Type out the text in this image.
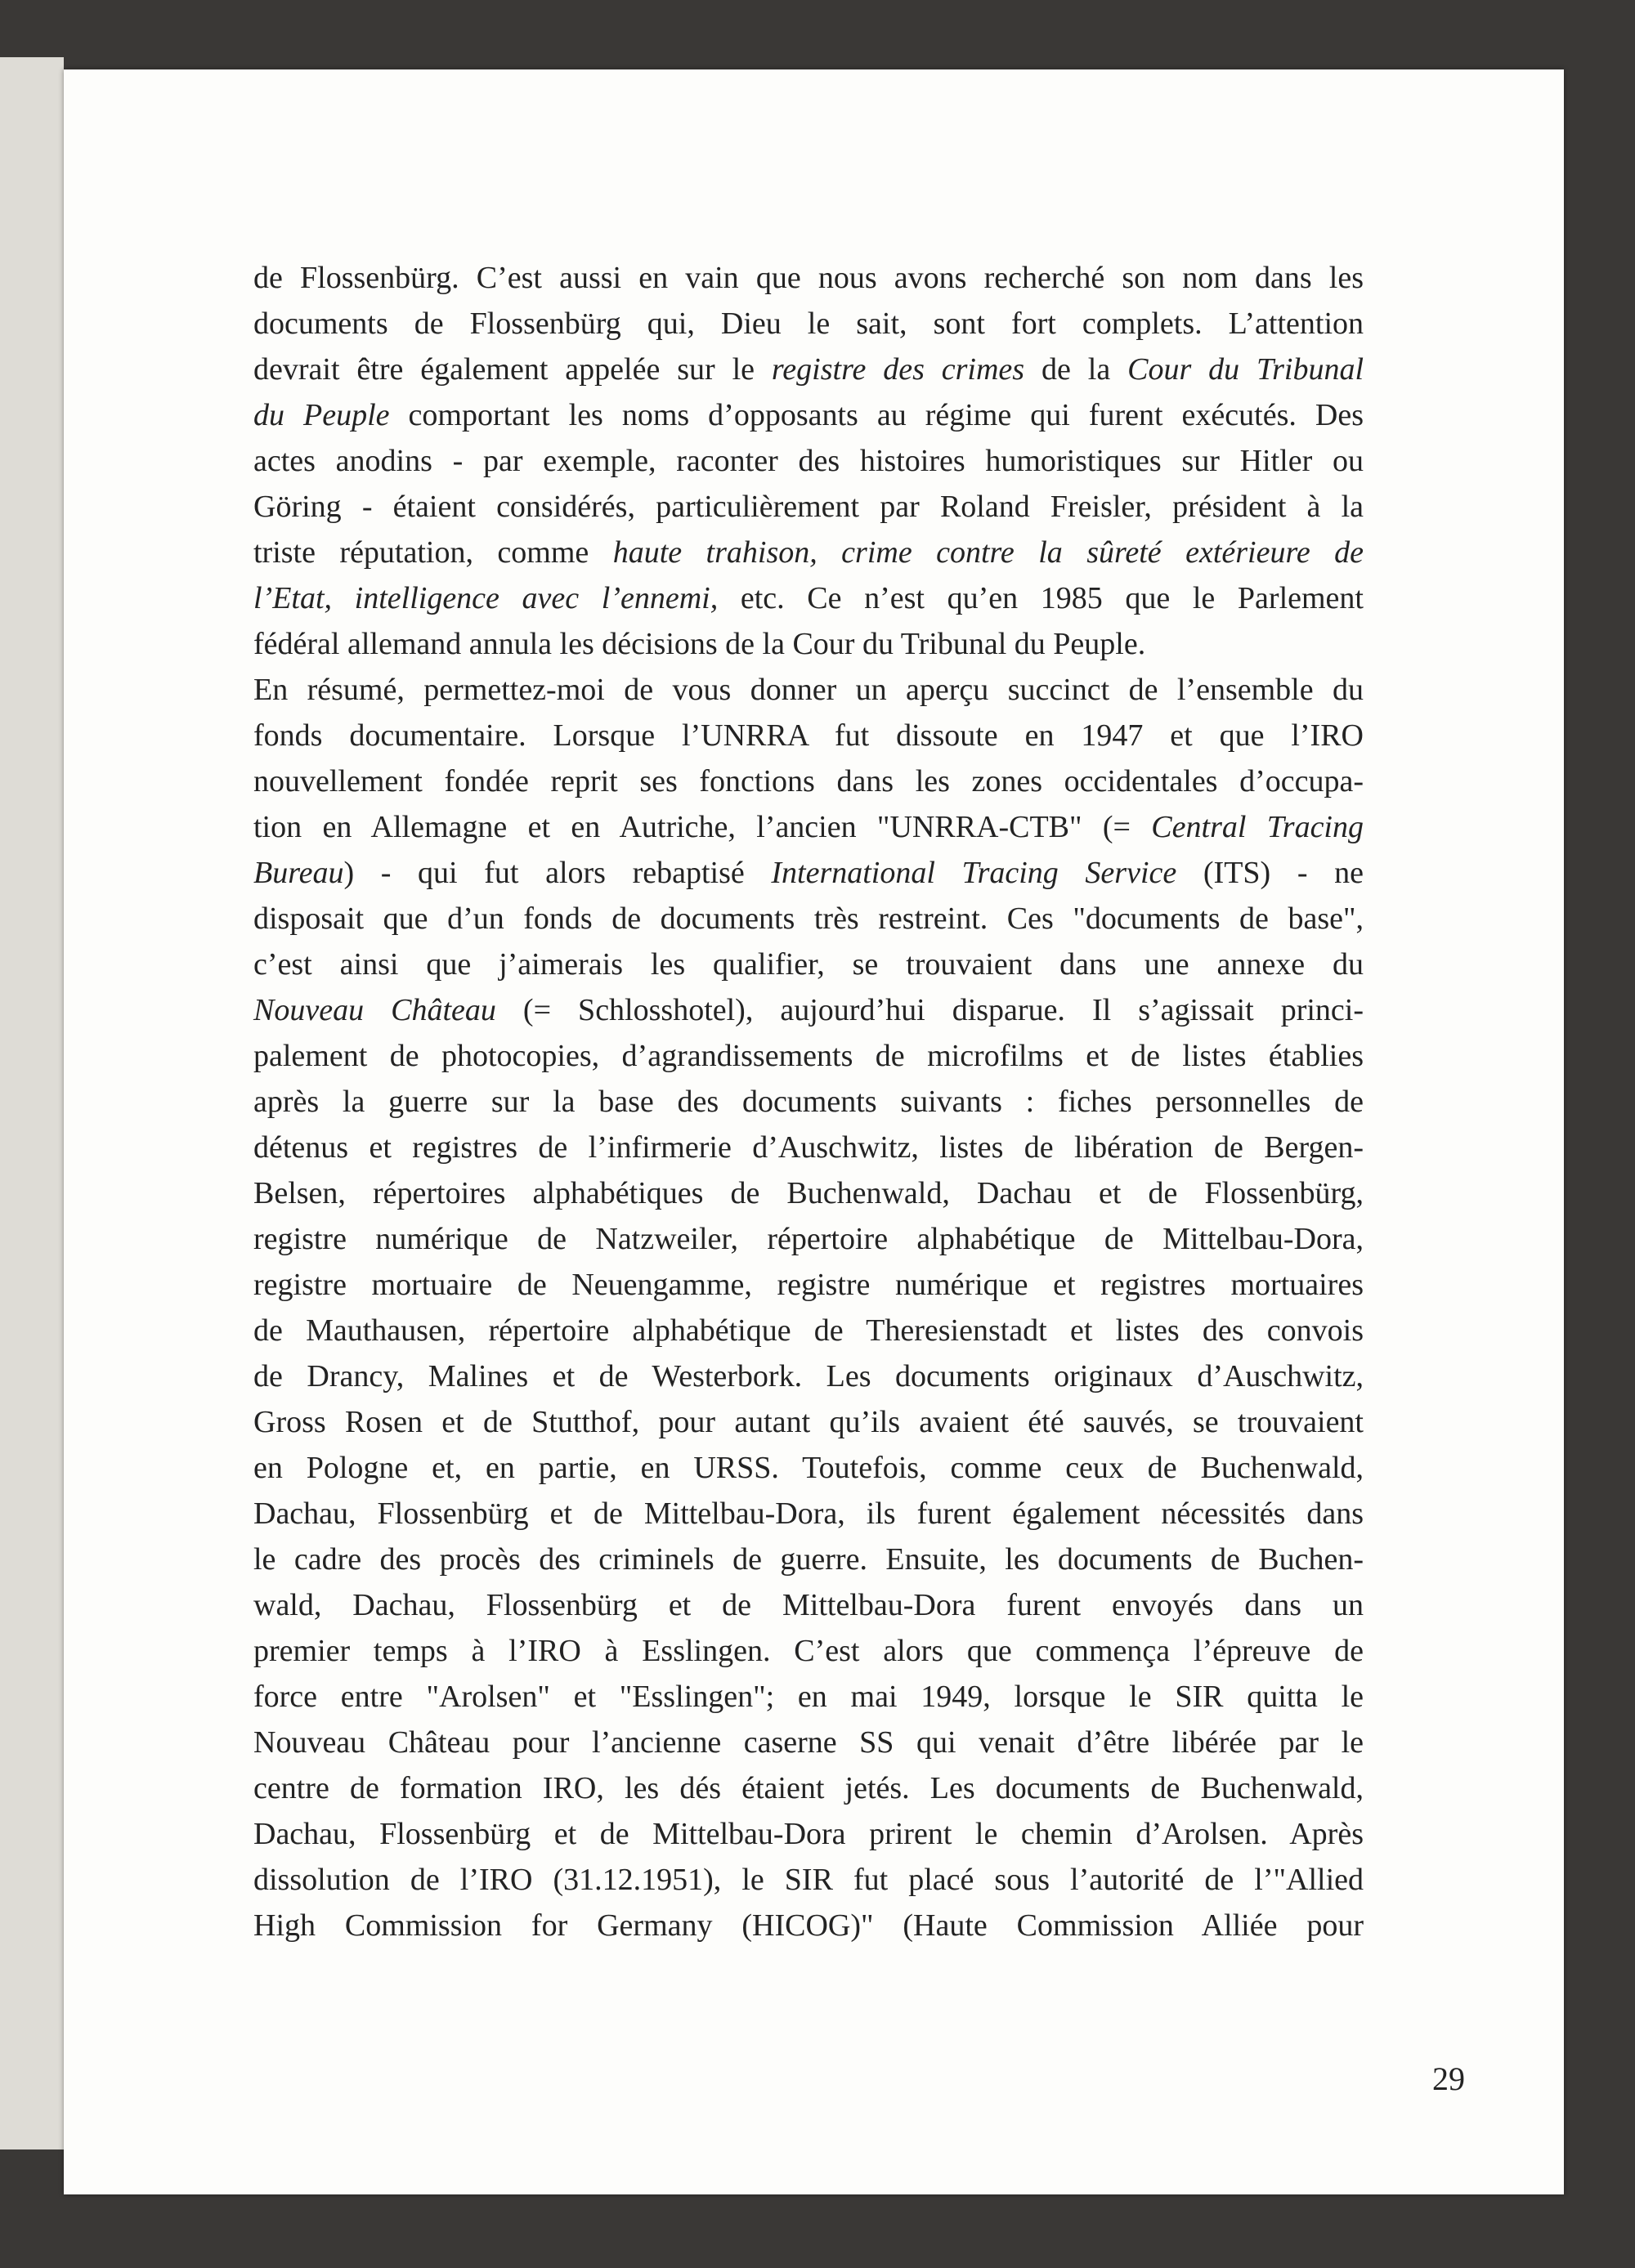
de Flossenbürg. C’est aussi en vain que nous avons recherché son nom dans les
documents de Flossenbürg qui, Dieu le sait, sont fort complets. L’attention
devrait être également appelée sur le registre des crimes de la Cour du Tribunal
du Peuple comportant les noms d’opposants au régime qui furent exécutés. Des
actes anodins - par exemple, raconter des histoires humoristiques sur Hitler ou
Göring - étaient considérés, particulièrement par Roland Freisler, président à la
triste réputation, comme haute trahison, crime contre la sûreté extérieure de
l’Etat, intelligence avec l’ennemi, etc. Ce n’est qu’en 1985 que le Parlement
fédéral allemand annula les décisions de la Cour du Tribunal du Peuple.
En résumé, permettez-moi de vous donner un aperçu succinct de l’ensemble du
fonds documentaire. Lorsque l’UNRRA fut dissoute en 1947 et que l’IRO
nouvellement fondée reprit ses fonctions dans les zones occidentales d’occupa-
tion en Allemagne et en Autriche, l’ancien "UNRRA-CTB" (= Central Tracing
Bureau) - qui fut alors rebaptisé International Tracing Service (ITS) - ne
disposait que d’un fonds de documents très restreint. Ces "documents de base",
c’est ainsi que j’aimerais les qualifier, se trouvaient dans une annexe du
Nouveau Château (= Schlosshotel), aujourd’hui disparue. Il s’agissait princi-
palement de photocopies, d’agrandissements de microfilms et de listes établies
après la guerre sur la base des documents suivants : fiches personnelles de
détenus et registres de l’infirmerie d’Auschwitz, listes de libération de Bergen-
Belsen, répertoires alphabétiques de Buchenwald, Dachau et de Flossenbürg,
registre numérique de Natzweiler, répertoire alphabétique de Mittelbau-Dora,
registre mortuaire de Neuengamme, registre numérique et registres mortuaires
de Mauthausen, répertoire alphabétique de Theresienstadt et listes des convois
de Drancy, Malines et de Westerbork. Les documents originaux d’Auschwitz,
Gross Rosen et de Stutthof, pour autant qu’ils avaient été sauvés, se trouvaient
en Pologne et, en partie, en URSS. Toutefois, comme ceux de Buchenwald,
Dachau, Flossenbürg et de Mittelbau-Dora, ils furent également nécessités dans
le cadre des procès des criminels de guerre. Ensuite, les documents de Buchen-
wald, Dachau, Flossenbürg et de Mittelbau-Dora furent envoyés dans un
premier temps à l’IRO à Esslingen. C’est alors que commença l’épreuve de
force entre "Arolsen" et "Esslingen"; en mai 1949, lorsque le SIR quitta le
Nouveau Château pour l’ancienne caserne SS qui venait d’être libérée par le
centre de formation IRO, les dés étaient jetés. Les documents de Buchenwald,
Dachau, Flossenbürg et de Mittelbau-Dora prirent le chemin d’Arolsen. Après
dissolution de l’IRO (31.12.1951), le SIR fut placé sous l’autorité de l’"Allied
High Commission for Germany (HICOG)" (Haute Commission Alliée pour
29
